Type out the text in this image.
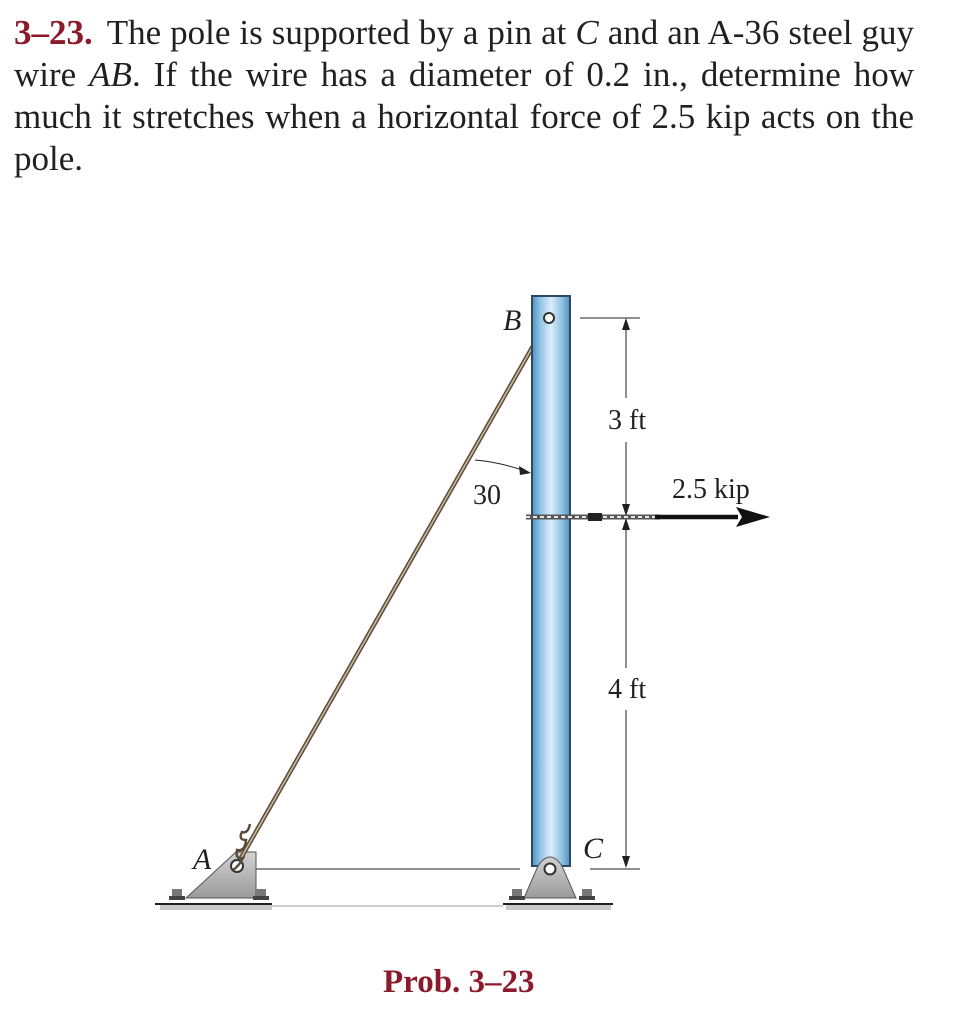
3–23. The pole is supported by a pin at C and an A-36 steel guy wire AB. If the wire has a diameter of 0.2 in., determine how much it stretches when a horizontal force of 2.5 kip acts on the pole.
B
A	C
30
3 ft
4 ft
2.5 kip
Prob. 3–23
